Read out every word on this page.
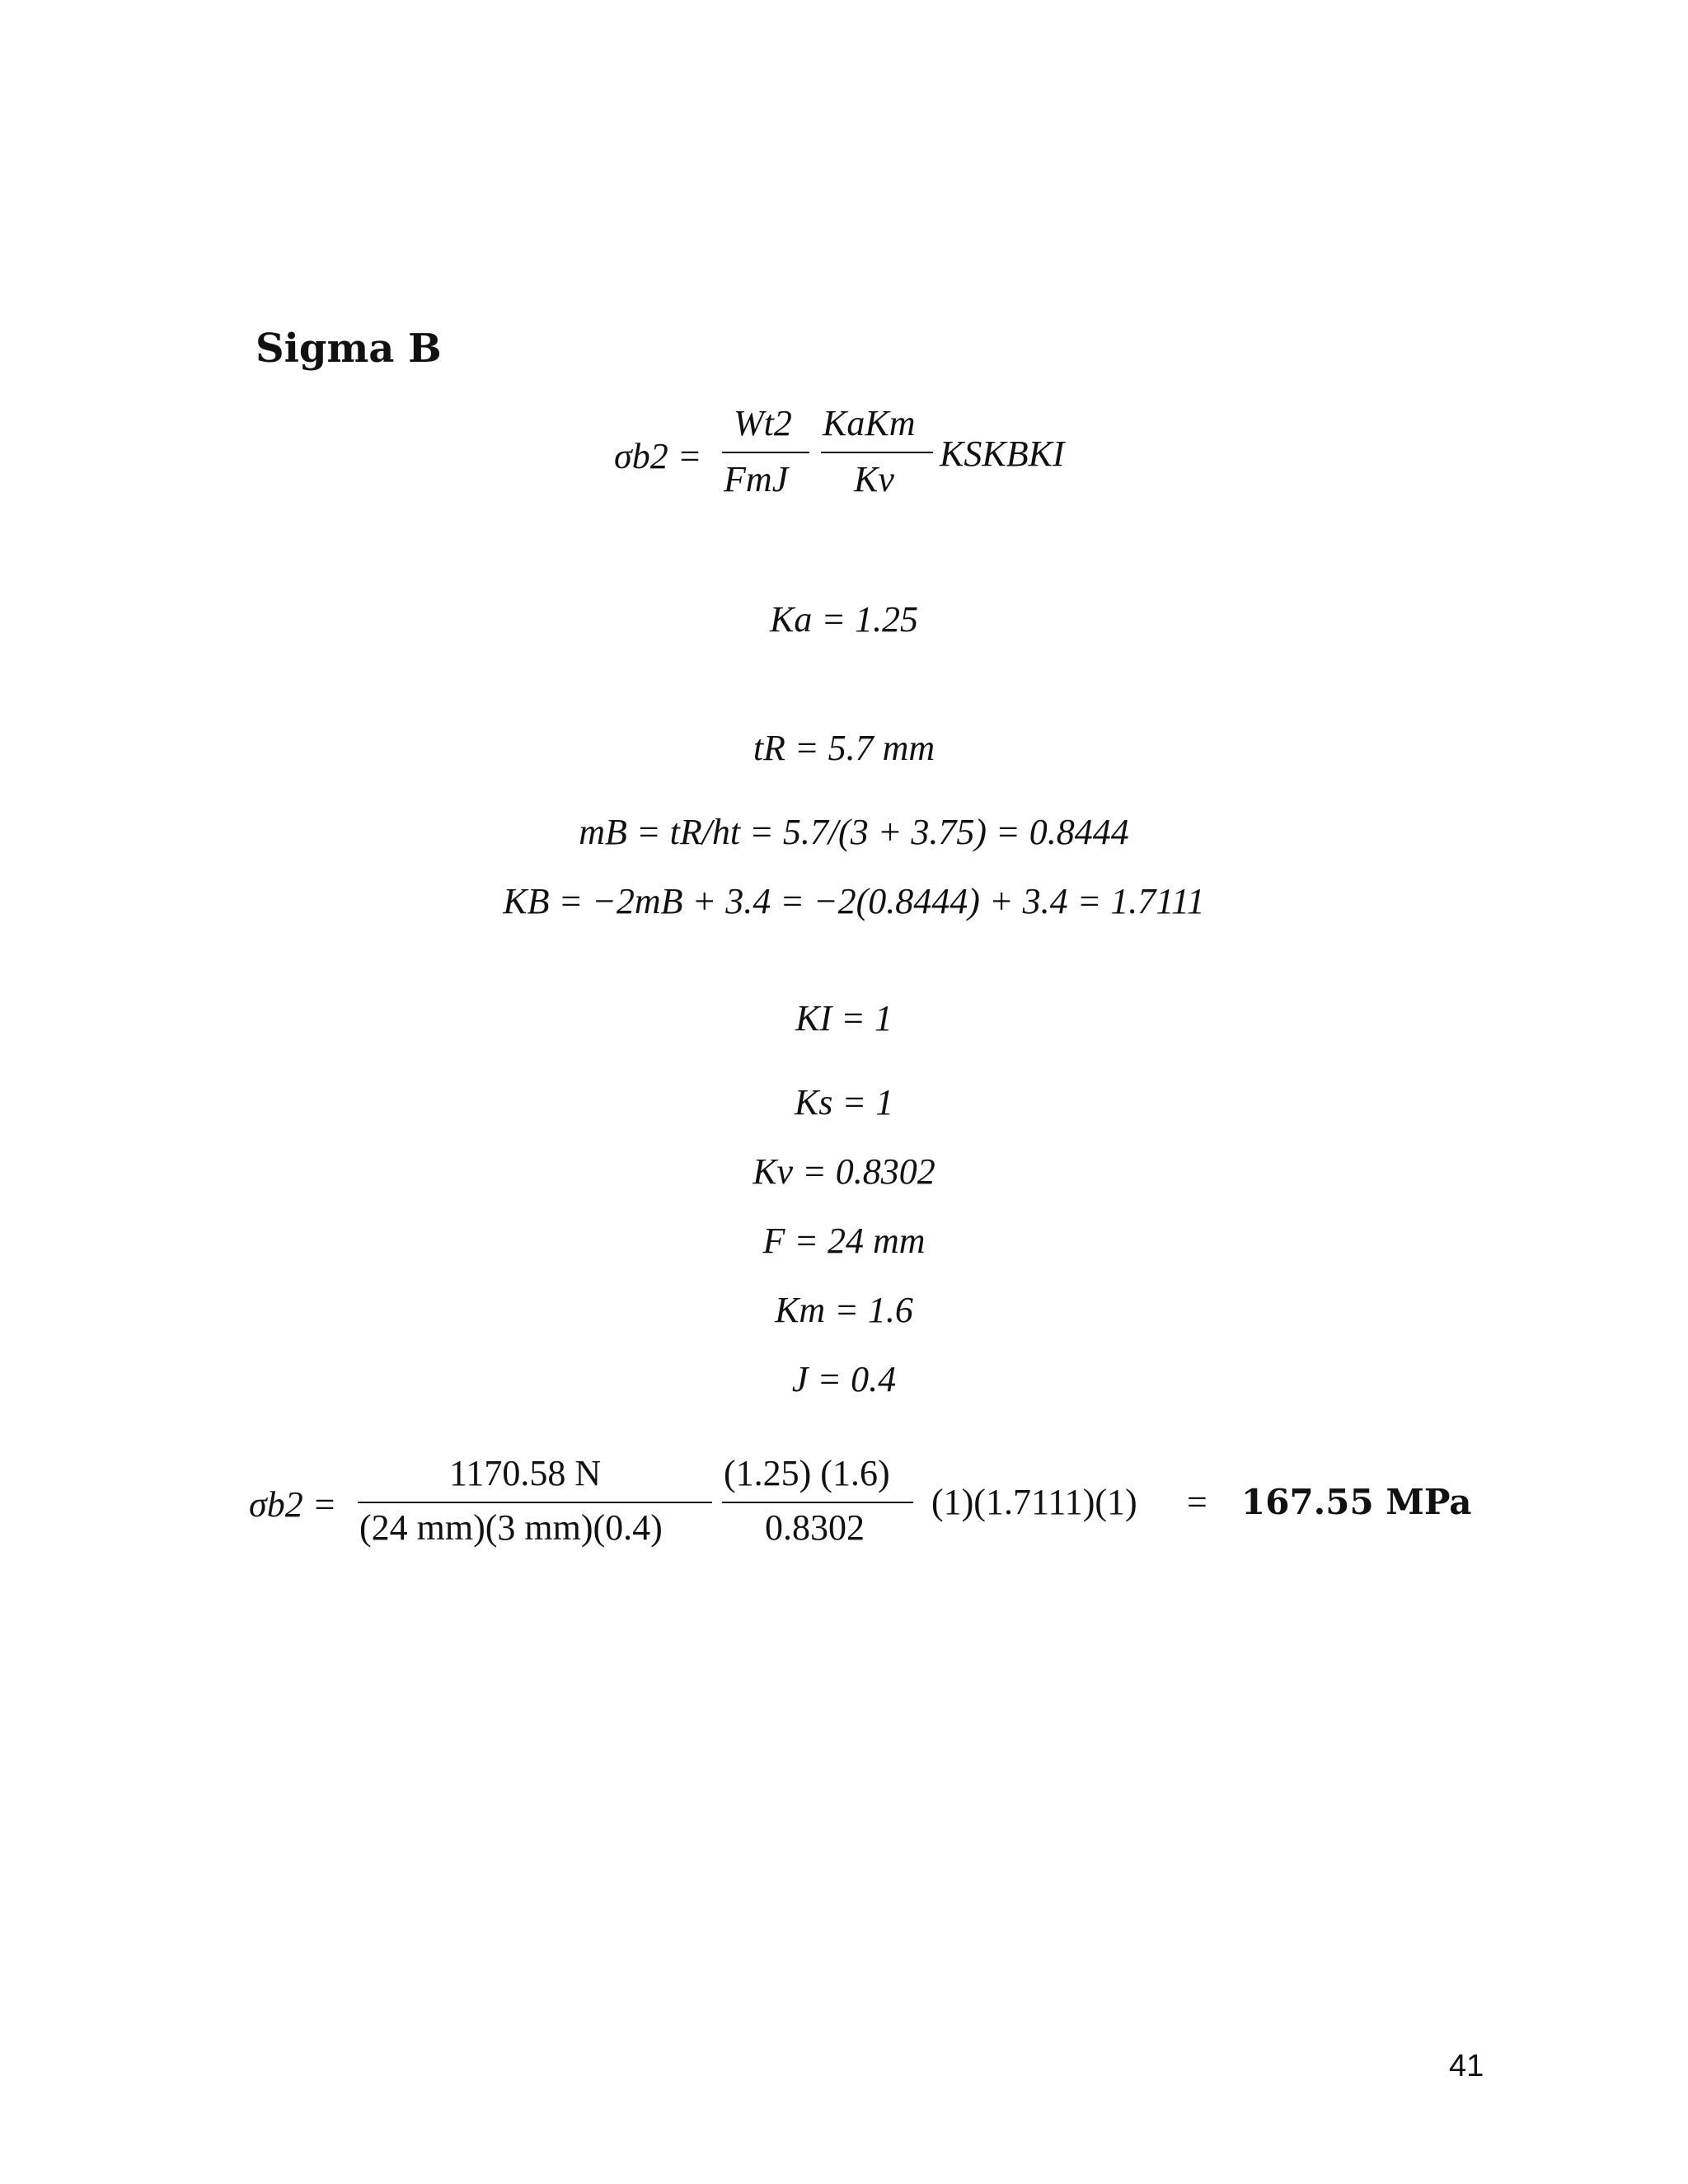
Sigma B
σb2 =
Wt2
FmJ
KaKm
Kv
KSKBKI
Ka = 1.25
tR = 5.7 mm
mB = tR/ht = 5.7/(3 + 3.75) = 0.8444
KB = −2mB + 3.4 = −2(0.8444) + 3.4 = 1.7111
KI = 1
Ks = 1
Kv = 0.8302
F = 24 mm
Km = 1.6
J = 0.4
σb2 =
1170.58 N
(24 mm)(3 mm)(0.4)
(1.25) (1.6)
0.8302
(1)(1.7111)(1) = 167.55 MPa
41
